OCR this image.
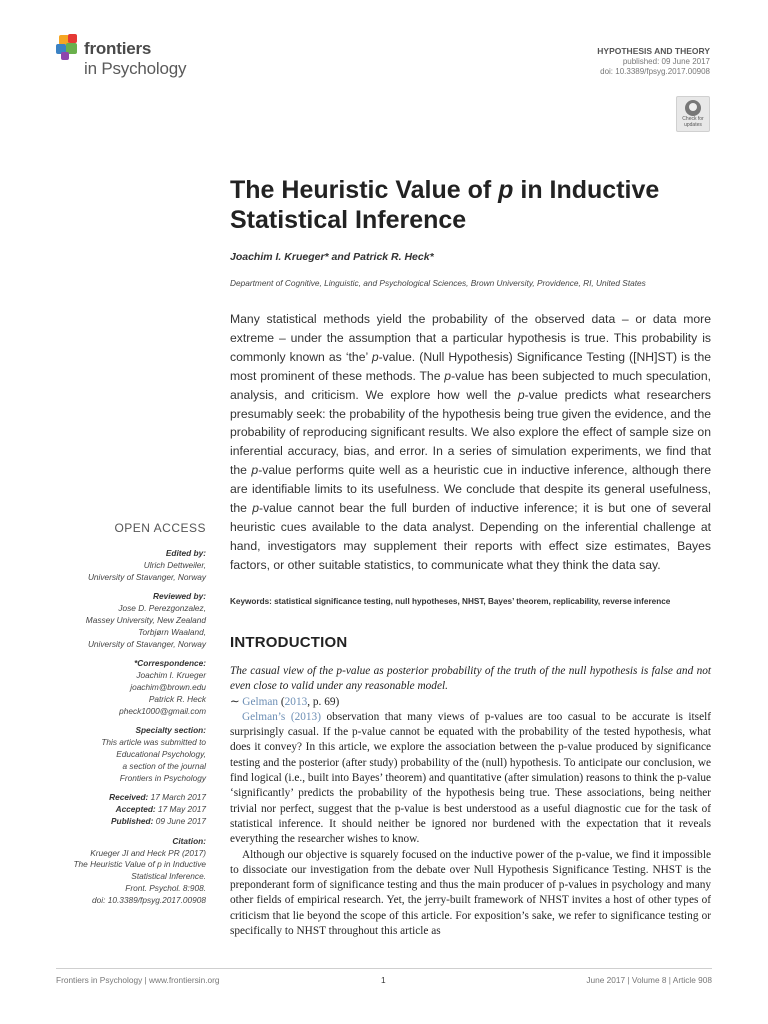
frontiers
in Psychology
HYPOTHESIS AND THEORY
published: 09 June 2017
doi: 10.3389/fpsyg.2017.00908
Check for
updates
The Heuristic Value of p in Inductive Statistical Inference
Joachim I. Krueger* and Patrick R. Heck*
Department of Cognitive, Linguistic, and Psychological Sciences, Brown University, Providence, RI, United States
Many statistical methods yield the probability of the observed data – or data more extreme – under the assumption that a particular hypothesis is true. This probability is commonly known as ‘the’ p-value. (Null Hypothesis) Significance Testing ([NH]ST) is the most prominent of these methods. The p-value has been subjected to much speculation, analysis, and criticism. We explore how well the p-value predicts what researchers presumably seek: the probability of the hypothesis being true given the evidence, and the probability of reproducing significant results. We also explore the effect of sample size on inferential accuracy, bias, and error. In a series of simulation experiments, we find that the p-value performs quite well as a heuristic cue in inductive inference, although there are identifiable limits to its usefulness. We conclude that despite its general usefulness, the p-value cannot bear the full burden of inductive inference; it is but one of several heuristic cues available to the data analyst. Depending on the inferential challenge at hand, investigators may supplement their reports with effect size estimates, Bayes factors, or other suitable statistics, to communicate what they think the data say.
Keywords: statistical significance testing, null hypotheses, NHST, Bayes’ theorem, replicability, reverse inference
OPEN ACCESS
Edited by:
Ulrich Dettweiler,
University of Stavanger, Norway
Reviewed by:
Jose D. Perezgonzalez,
Massey University, New Zealand
Torbjørn Waaland,
University of Stavanger, Norway
*Correspondence:
Joachim I. Krueger
joachim@brown.edu
Patrick R. Heck
pheck1000@gmail.com
Specialty section:
This article was submitted to
Educational Psychology,
a section of the journal
Frontiers in Psychology
Received: 17 March 2017
Accepted: 17 May 2017
Published: 09 June 2017
Citation:
Krueger JI and Heck PR (2017)
The Heuristic Value of p in Inductive
Statistical Inference.
Front. Psychol. 8:908.
doi: 10.3389/fpsyg.2017.00908
INTRODUCTION
The casual view of the p-value as posterior probability of the truth of the null hypothesis is false and not even close to valid under any reasonable model.
∼ Gelman (2013, p. 69)
Gelman’s (2013) observation that many views of p-values are too casual to be accurate is itself surprisingly casual. If the p-value cannot be equated with the probability of the tested hypothesis, what does it convey? In this article, we explore the association between the p-value produced by significance testing and the posterior (after study) probability of the (null) hypothesis. To anticipate our conclusion, we find logical (i.e., built into Bayes’ theorem) and quantitative (after simulation) reasons to think the p-value ‘significantly’ predicts the probability of the hypothesis being true. These associations, being neither trivial nor perfect, suggest that the p-value is best understood as a useful diagnostic cue for the task of statistical inference. It should neither be ignored nor burdened with the expectation that it reveals everything the researcher wishes to know.
Although our objective is squarely focused on the inductive power of the p-value, we find it impossible to dissociate our investigation from the debate over Null Hypothesis Significance Testing. NHST is the preponderant form of significance testing and thus the main producer of p-values in psychology and many other fields of empirical research. Yet, the jerry-built framework of NHST invites a host of other types of criticism that lie beyond the scope of this article. For exposition’s sake, we refer to significance testing or specifically to NHST throughout this article as
Frontiers in Psychology | www.frontiersin.org	1	June 2017 | Volume 8 | Article 908
